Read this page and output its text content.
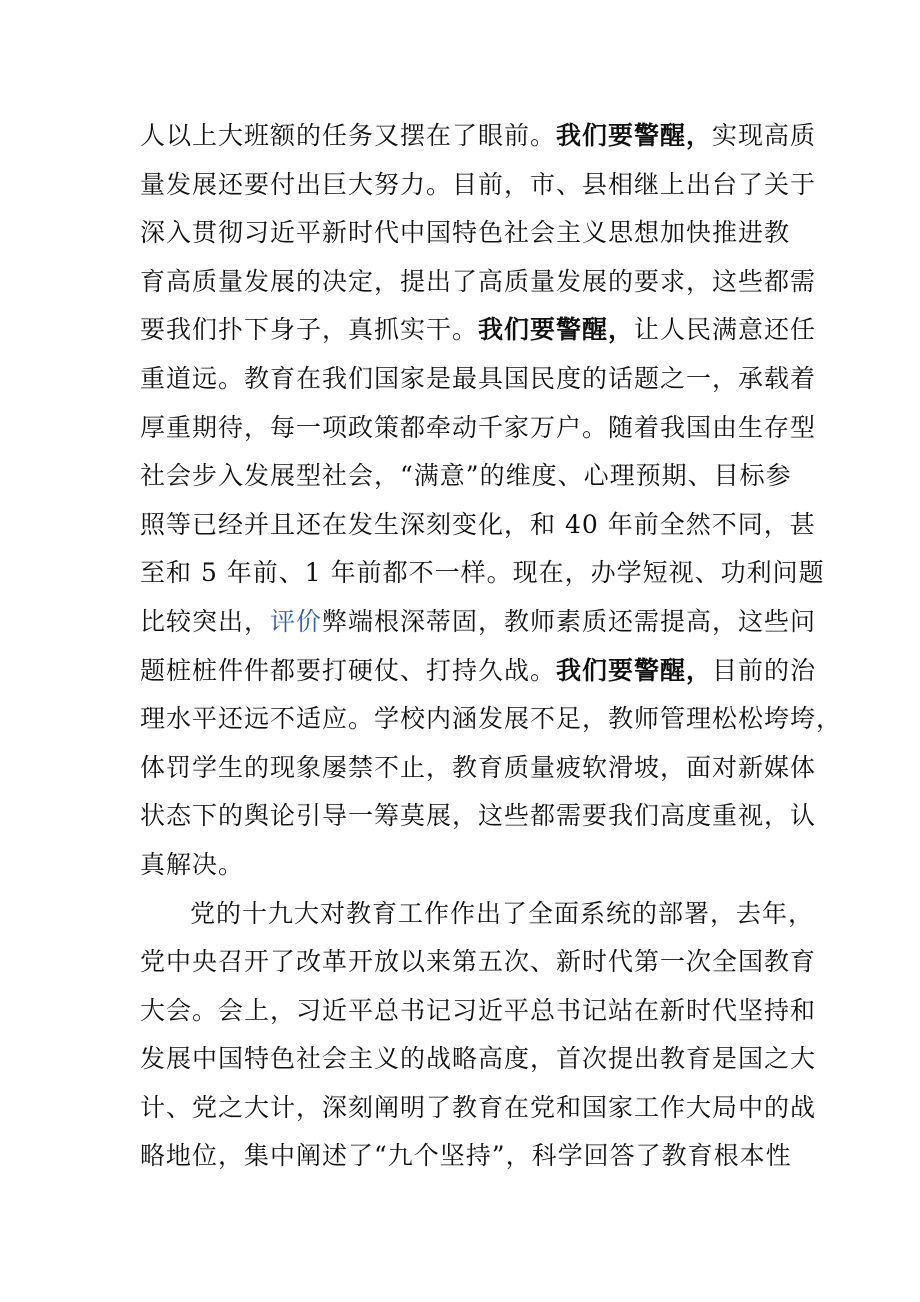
人以上大班额的任务又摆在了眼前。我们要警醒，实现高质
量发展还要付出巨大努力。目前，市、县相继上出台了关于
深入贯彻习近平新时代中国特色社会主义思想加快推进教
育高质量发展的决定，提出了高质量发展的要求，这些都需
要我们扑下身子，真抓实干。我们要警醒，让人民满意还任
重道远。教育在我们国家是最具国民度的话题之一，承载着
厚重期待，每一项政策都牵动千家万户。随着我国由生存型
社会步入发展型社会，“满意”的维度、心理预期、目标参
照等已经并且还在发生深刻变化，和 40 年前全然不同，甚
至和 5 年前、1 年前都不一样。现在，办学短视、功利问题
比较突出，评价弊端根深蒂固，教师素质还需提高，这些问
题桩桩件件都要打硬仗、打持久战。我们要警醒，目前的治
理水平还远不适应。学校内涵发展不足，教师管理松松垮垮，
体罚学生的现象屡禁不止，教育质量疲软滑坡，面对新媒体
状态下的舆论引导一筹莫展，这些都需要我们高度重视，认
真解决。
党的十九大对教育工作作出了全面系统的部署，去年，
党中央召开了改革开放以来第五次、新时代第一次全国教育
大会。会上，习近平总书记习近平总书记站在新时代坚持和
发展中国特色社会主义的战略高度，首次提出教育是国之大
计、党之大计，深刻阐明了教育在党和国家工作大局中的战
略地位，集中阐述了“九个坚持”，科学回答了教育根本性
